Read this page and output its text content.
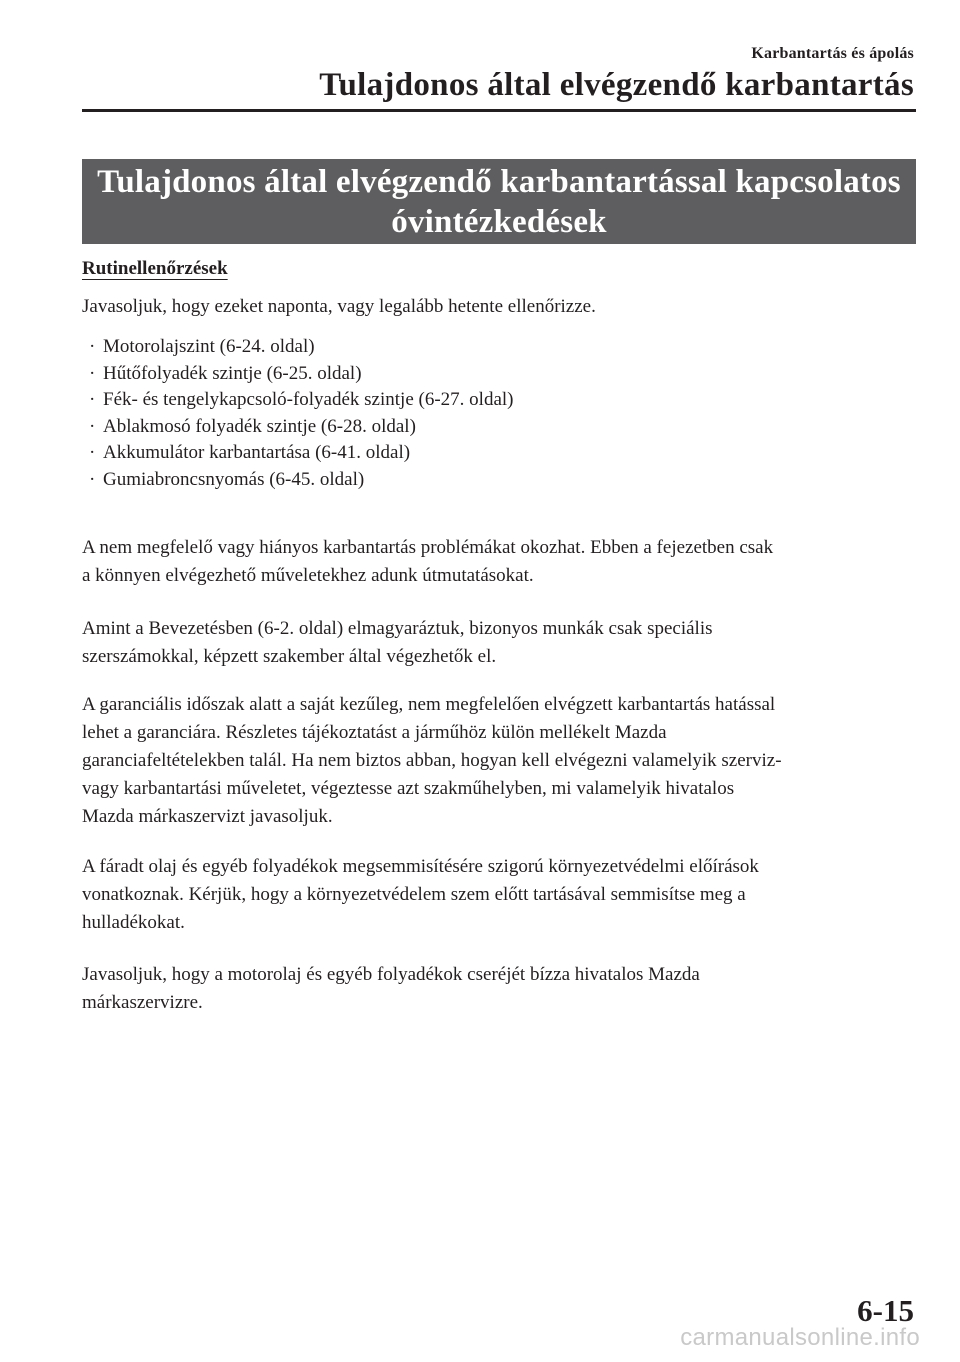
Karbantartás és ápolás
Tulajdonos által elvégzendő karbantartás
Tulajdonos által elvégzendő karbantartással kapcsolatos
óvintézkedések
Rutinellenőrzések
Javasoljuk, hogy ezeket naponta, vagy legalább hetente ellenőrizze.
· Motorolajszint (6-24. oldal)
· Hűtőfolyadék szintje (6-25. oldal)
· Fék- és tengelykapcsoló-folyadék szintje (6-27. oldal)
· Ablakmosó folyadék szintje (6-28. oldal)
· Akkumulátor karbantartása (6-41. oldal)
· Gumiabroncsnyomás (6-45. oldal)
A nem megfelelő vagy hiányos karbantartás problémákat okozhat. Ebben a fejezetben csak
a könnyen elvégezhető műveletekhez adunk útmutatásokat.
Amint a Bevezetésben (6-2. oldal) elmagyaráztuk, bizonyos munkák csak speciális
szerszámokkal, képzett szakember által végezhetők el.
A garanciális időszak alatt a saját kezűleg, nem megfelelően elvégzett karbantartás hatással
lehet a garanciára. Részletes tájékoztatást a járműhöz külön mellékelt Mazda
garanciafeltételekben talál. Ha nem biztos abban, hogyan kell elvégezni valamelyik szerviz-
vagy karbantartási műveletet, végeztesse azt szakműhelyben, mi valamelyik hivatalos
Mazda márkaszervizt javasoljuk.
A fáradt olaj és egyéb folyadékok megsemmisítésére szigorú környezetvédelmi előírások
vonatkoznak. Kérjük, hogy a környezetvédelem szem előtt tartásával semmisítse meg a
hulladékokat.
Javasoljuk, hogy a motorolaj és egyéb folyadékok cseréjét bízza hivatalos Mazda
márkaszervizre.
6-15
carmanualsonline.info
